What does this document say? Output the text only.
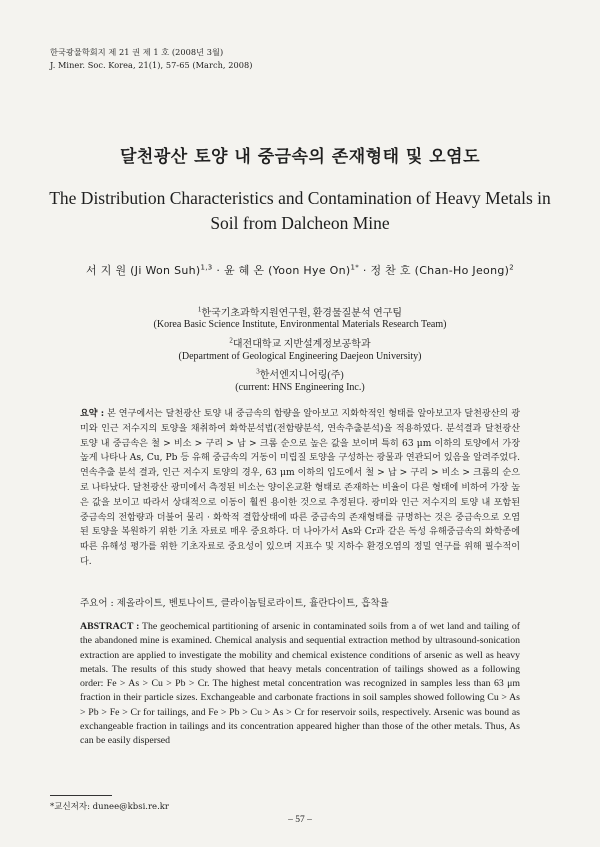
한국광물학회지 제 21 권 제 1 호 (2008년 3월)
J. Miner. Soc. Korea, 21(1), 57-65 (March, 2008)
달천광산 토양 내 중금속의 존재형태 및 오염도
The Distribution Characteristics and Contamination of Heavy Metals in Soil from Dalcheon Mine
서 지 원 (Ji Won Suh)$^{1,3}$ · 윤 혜 온 (Yoon Hye On)$^{1*}$ · 정 찬 호 (Chan-Ho Jeong)$^2$
$^1$한국기초과학지원연구원, 환경물질분석 연구팀
(Korea Basic Science Institute, Environmental Materials Research Team)
$^2$대전대학교 지반설계정보공학과
(Department of Geological Engineering Daejeon University)
$^3$한서엔지니어링(주)
(current: HNS Engineering Inc.)
요약 : 본 연구에서는 달천광산 토양 내 중금속의 함량을 알아보고 지화학적인 형태를 알아보고자 달천광산의 광미와 인근 저수지의 토양을 채취하여 화학분석법(전함량분석, 연속추출분석)을 적용하였다. 분석결과 달천광산 토양 내 중금속은 철 > 비소 > 구리 > 납 > 크롬 순으로 높은 값을 보이며 특히 63 μm 이하의 토양에서 가장 높게 나타나 As, Cu, Pb 등 유해 중금속의 거동이 미립질 토양을 구성하는 광물과 연관되어 있음을 알려주었다. 연속추출 분석 결과, 인근 저수지 토양의 경우, 63 μm 이하의 입도에서 철 > 납 > 구리 > 비소 > 크롬의 순으로 나타났다. 달천광산 광미에서 측정된 비소는 양이온교환 형태로 존재하는 비율이 다른 형태에 비하여 가장 높은 값을 보이고 따라서 상대적으로 이동이 훨씬 용이한 것으로 추정된다. 광미와 인근 저수지의 토양 내 포함된 중금속의 전함량과 더불어 물리 · 화학적 결합상태에 따른 중금속의 존재형태를 규명하는 것은 중금속으로 오염된 토양을 복원하기 위한 기초 자료로 매우 중요하다. 더 나아가서 As와 Cr과 같은 독성 유해중금속의 화학종에 따른 유해성 평가를 위한 기초자료로 중요성이 있으며 지표수 및 지하수 환경오염의 정밀 연구를 위해 필수적이다.
주요어 : 제올라이트, 벤토나이트, 클라이놉틸로라이트, 휼란다이트, 흡착율
ABSTRACT : The geochemical partitioning of arsenic in contaminated soils from a of wet land and tailing of the abandoned mine is examined. Chemical analysis and sequential extraction method by ultrasound-sonication extraction are applied to investigate the mobility and chemical existence conditions of arsenic as well as heavy metals. The results of this study showed that heavy metals concentration of tailings showed as a following order: Fe > As > Cu > Pb > Cr. The highest metal concentration was recognized in samples less than 63 μm fraction in their particle sizes. Exchangeable and carbonate fractions in soil samples showed following Cu > As > Pb > Fe > Cr for tailings, and Fe > Pb > Cu > As > Cr for reservoir soils, respectively. Arsenic was bound as exchangeable fraction in tailings and its concentration appeared higher than those of the other metals. Thus, As can be easily dispersed
*교신저자: dunee@kbsi.re.kr
– 57 –
